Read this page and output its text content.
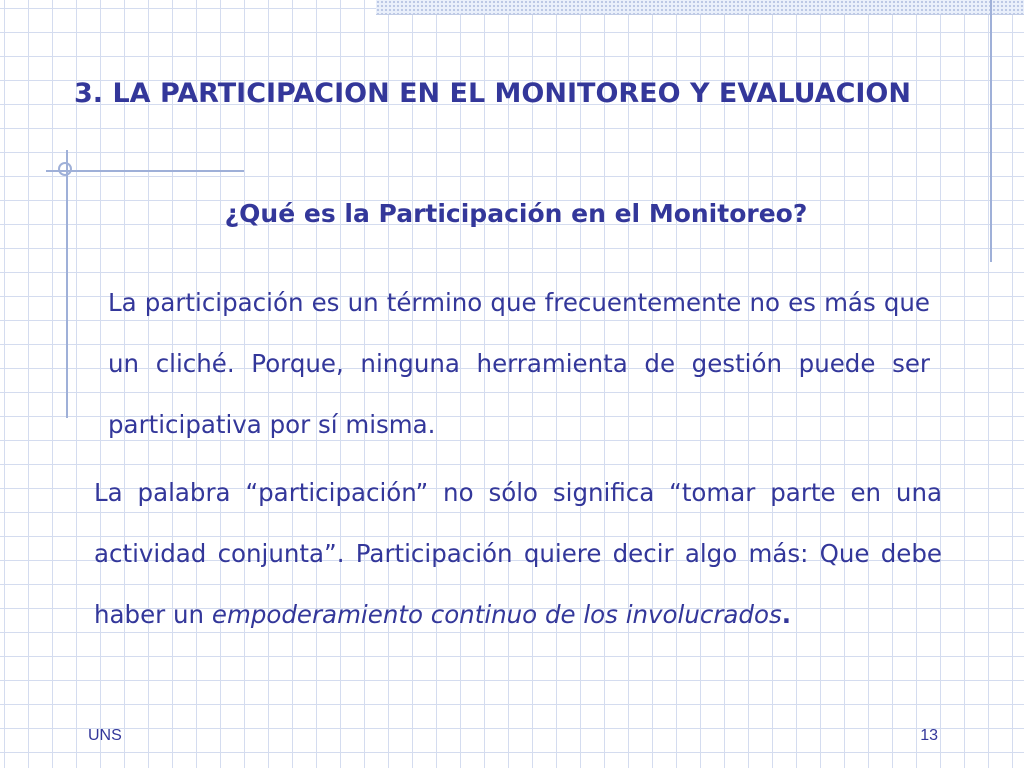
3. LA PARTICIPACION EN EL MONITOREO Y EVALUACION
¿Qué es la Participación en el Monitoreo?

La participación es un término que frecuentemente no es más que un cliché. Porque, ninguna herramienta de gestión puede ser participativa por sí misma.

La palabra “participación” no sólo significa “tomar parte en una actividad conjunta”. Participación quiere decir algo más: Que debe haber un empoderamiento continuo de los involucrados.

UNS	13
